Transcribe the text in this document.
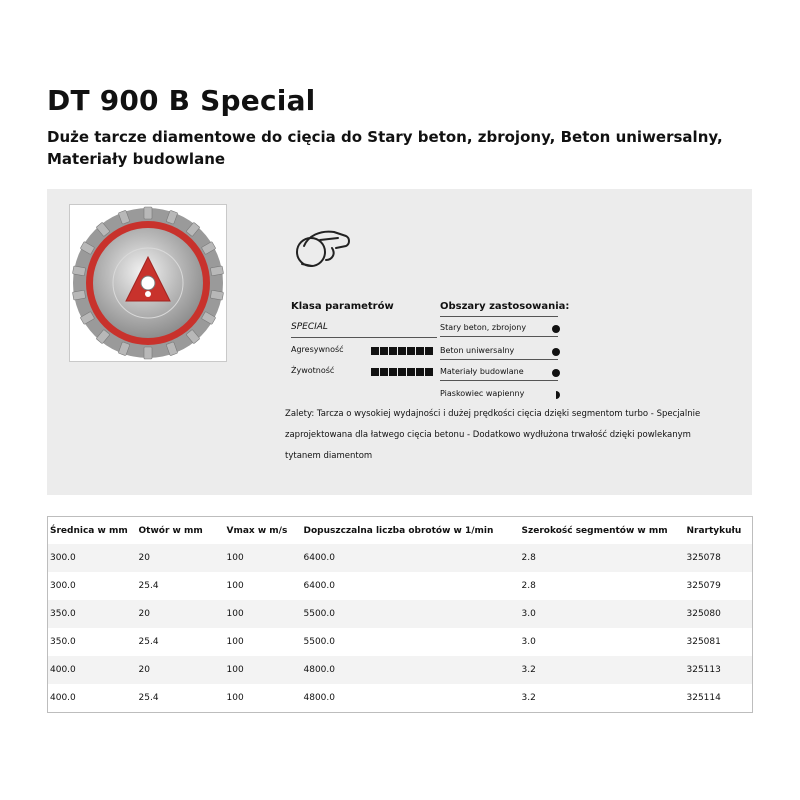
DT 900 B Special

Duże tarcze diamentowe do cięcia do Stary beton, zbrojony, Beton uniwersalny, Materiały budowlane

Klasa parametrów
SPECIAL
Agresywność
Żywotność
Obszary zastosowania:
Stary beton, zbrojony
Beton uniwersalny
Materiały budowlane
Piaskowiec wapienny
Zalety: Tarcza o wysokiej wydajności i dużej prędkości cięcia dzięki segmentom turbo - Specjalnie zaprojektowana dla łatwego cięcia betonu - Dodatkowo wydłużona trwałość dzięki powlekanym tytanem diamentom
Średnica w mm	Otwór w mm	Vmax w m/s	Dopuszczalna liczba obrotów w 1/min	Szerokość segmentów w mm	Nrartykułu
300.0	20	100	6400.0	2.8	325078
300.0	25.4	100	6400.0	2.8	325079
350.0	20	100	5500.0	3.0	325080
350.0	25.4	100	5500.0	3.0	325081
400.0	20	100	4800.0	3.2	325113
400.0	25.4	100	4800.0	3.2	325114
